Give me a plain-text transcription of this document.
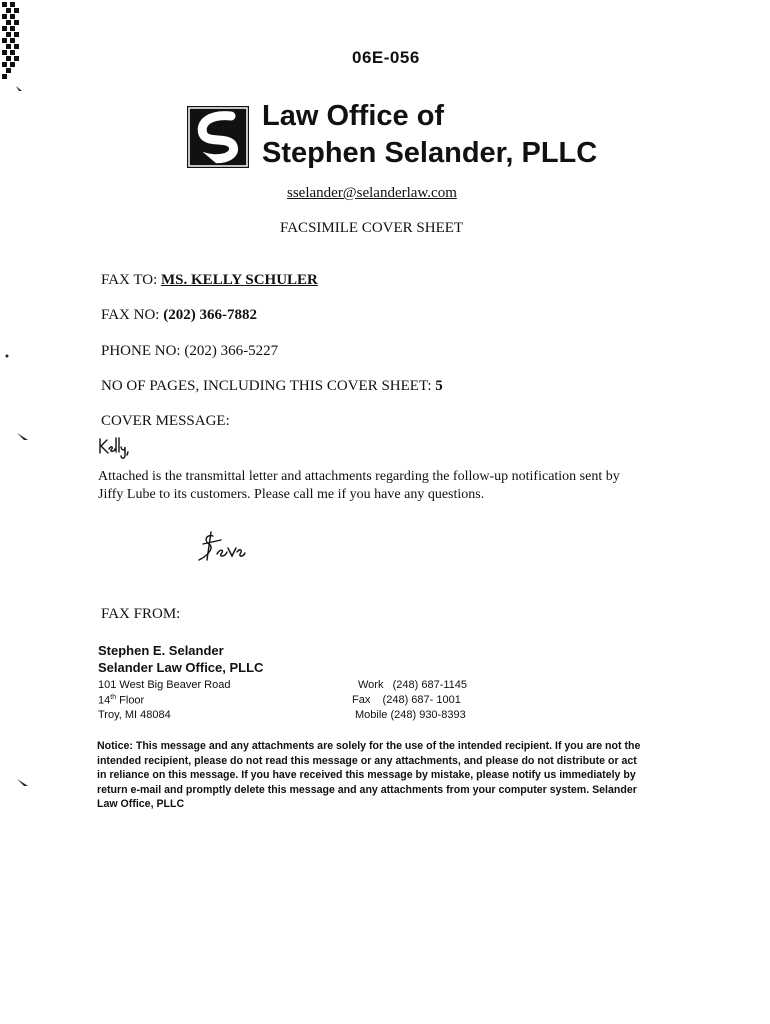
06E-056
Law Office of
Stephen Selander, PLLC
sselander@selanderlaw.com
FACSIMILE COVER SHEET
FAX TO: MS. KELLY SCHULER
FAX NO: (202) 366-7882
PHONE NO: (202) 366-5227
NO OF PAGES, INCLUDING THIS COVER SHEET: 5
COVER MESSAGE:
Attached is the transmittal letter and attachments regarding the follow-up notification sent by Jiffy Lube to its customers. Please call me if you have any questions.
FAX FROM:
Stephen E. Selander
Selander Law Office, PLLC
101 West Big Beaver Road
14th Floor
Troy, MI 48084
Work   (248) 687-1145
Fax    (248) 687- 1001
Mobile (248) 930-8393
Notice: This message and any attachments are solely for the use of the intended recipient. If you are not the intended recipient, please do not read this message or any attachments, and please do not distribute or act in reliance on this message. If you have received this message by mistake, please notify us immediately by return e-mail and promptly delete this message and any attachments from your computer system. Selander Law Office, PLLC
